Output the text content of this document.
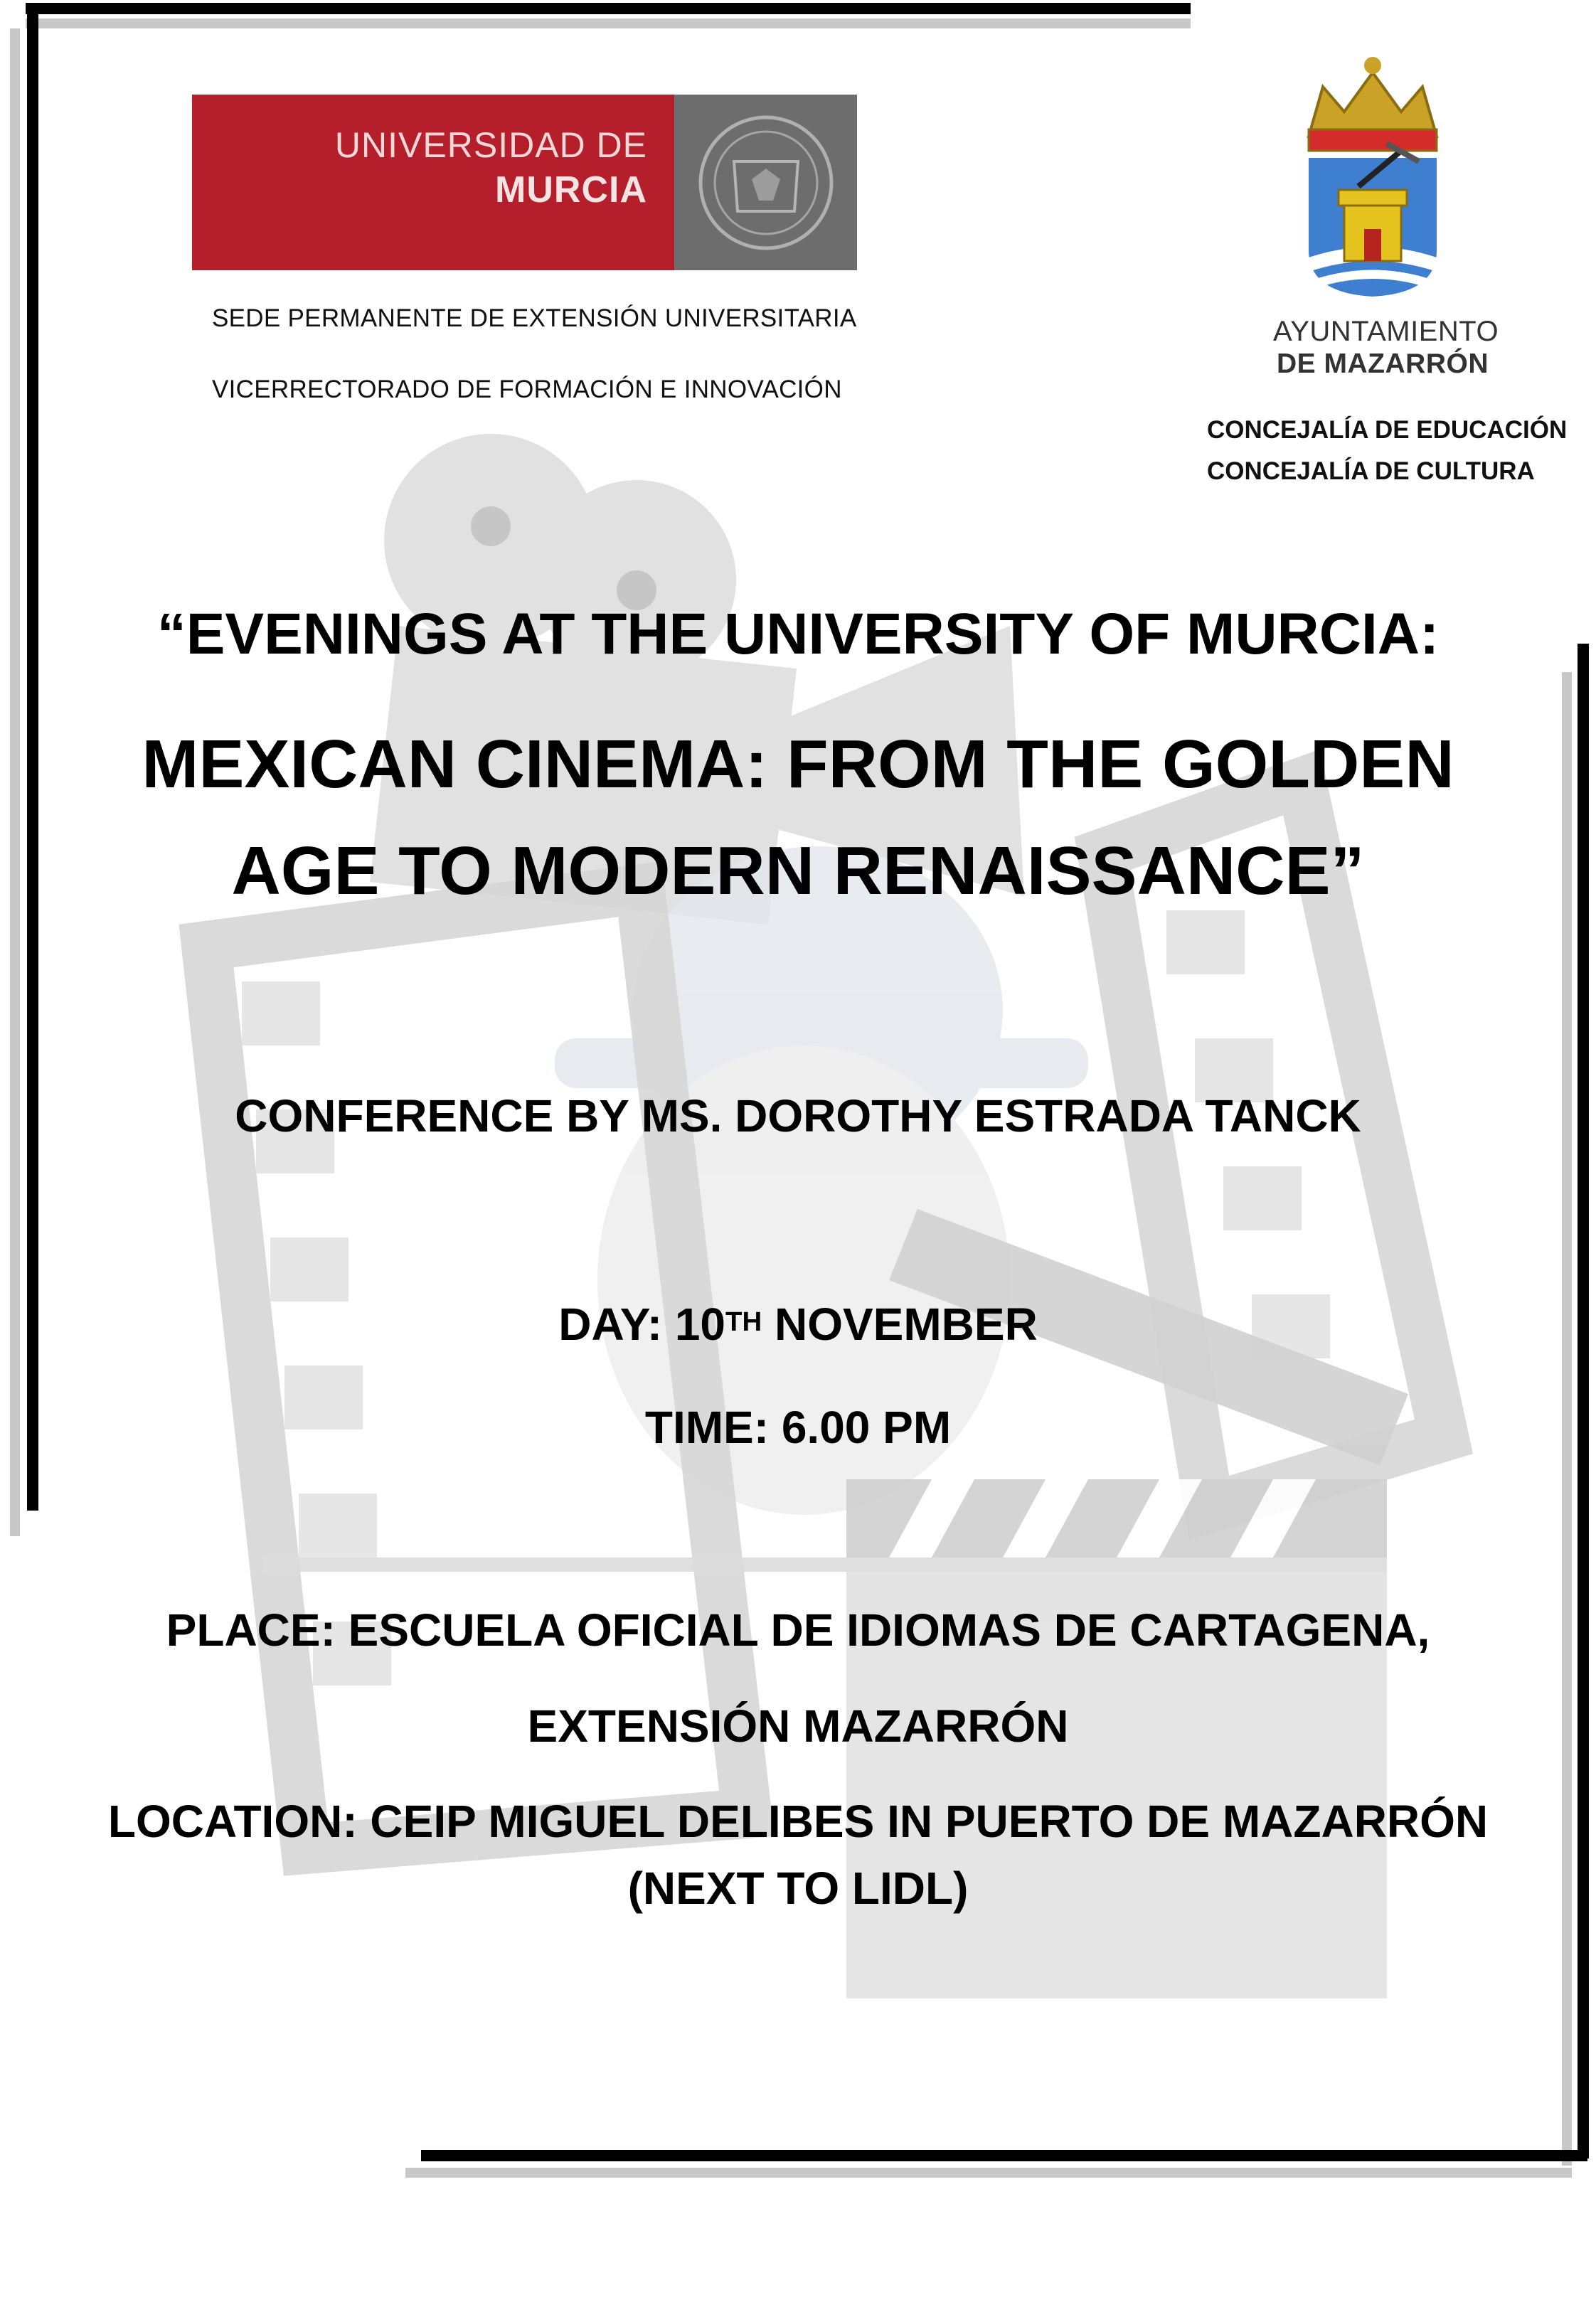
UNIVERSIDAD DE
MURCIA
SEDE PERMANENTE DE EXTENSIÓN UNIVERSITARIA
VICERRECTORADO DE FORMACIÓN E INNOVACIÓN
AYUNTAMIENTO
DE MAZARRÓN
CONCEJALÍA DE EDUCACIÓN
CONCEJALÍA DE CULTURA
“EVENINGS AT THE UNIVERSITY OF MURCIA:
MEXICAN CINEMA: FROM THE GOLDEN
AGE TO MODERN RENAISSANCE”
CONFERENCE BY MS. DOROTHY ESTRADA TANCK
DAY: 10TH NOVEMBER
TIME: 6.00 PM
PLACE: ESCUELA OFICIAL DE IDIOMAS DE CARTAGENA,
EXTENSIÓN MAZARRÓN
LOCATION: CEIP MIGUEL DELIBES IN PUERTO DE MAZARRÓN
(NEXT TO LIDL)
